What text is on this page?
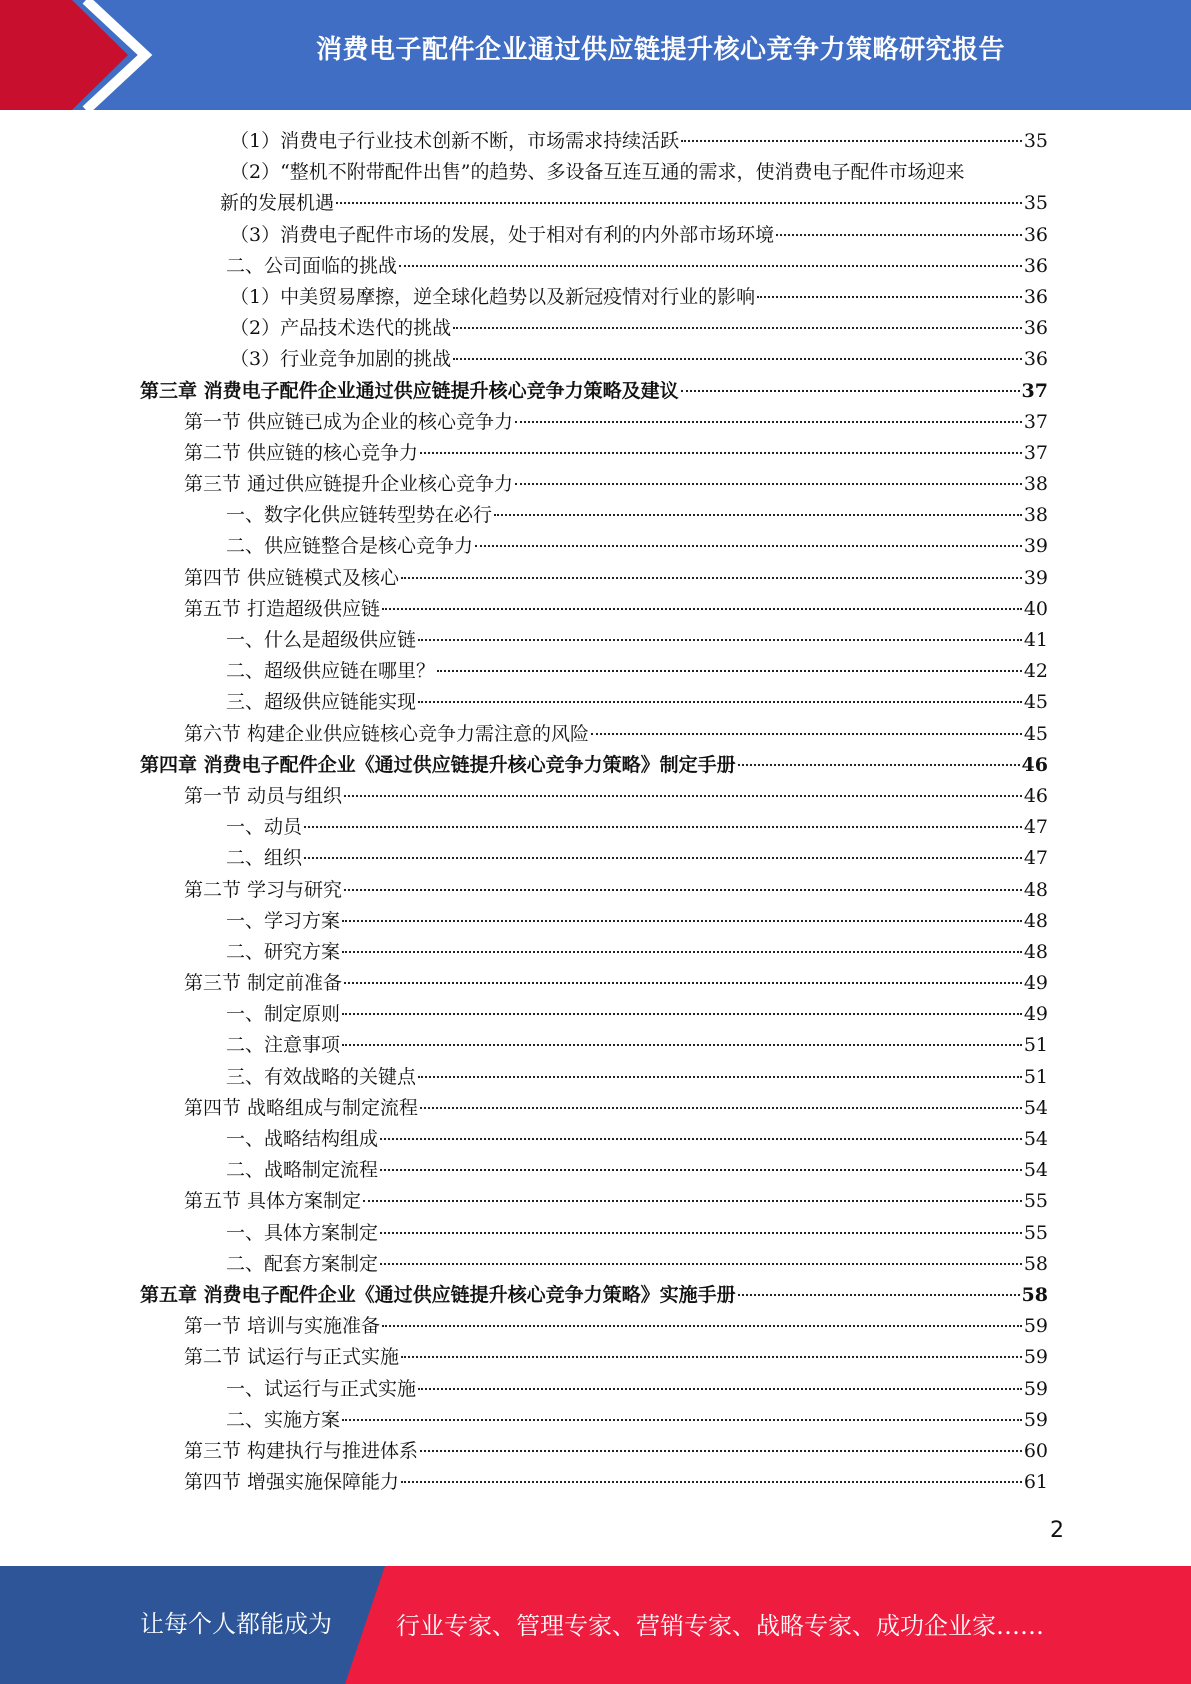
消费电子配件企业通过供应链提升核心竞争力策略研究报告
（1）消费电子行业技术创新不断，市场需求持续活跃	35
（2）“整机不附带配件出售”的趋势、多设备互连互通的需求，使消费电子配件市场迎来
新的发展机遇	35
（3）消费电子配件市场的发展，处于相对有利的内外部市场环境	36
二、公司面临的挑战	36
（1）中美贸易摩擦，逆全球化趋势以及新冠疫情对行业的影响	36
（2）产品技术迭代的挑战	36
（3）行业竞争加剧的挑战	36
第三章 消费电子配件企业通过供应链提升核心竞争力策略及建议	37
第一节 供应链已成为企业的核心竞争力	37
第二节 供应链的核心竞争力	37
第三节 通过供应链提升企业核心竞争力	38
一、数字化供应链转型势在必行	38
二、供应链整合是核心竞争力	39
第四节 供应链模式及核心	39
第五节 打造超级供应链	40
一、什么是超级供应链	41
二、超级供应链在哪里？	42
三、超级供应链能实现	45
第六节 构建企业供应链核心竞争力需注意的风险	45
第四章 消费电子配件企业《通过供应链提升核心竞争力策略》制定手册	46
第一节 动员与组织	46
一、动员	47
二、组织	47
第二节 学习与研究	48
一、学习方案	48
二、研究方案	48
第三节 制定前准备	49
一、制定原则	49
二、注意事项	51
三、有效战略的关键点	51
第四节 战略组成与制定流程	54
一、战略结构组成	54
二、战略制定流程	54
第五节 具体方案制定	55
一、具体方案制定	55
二、配套方案制定	58
第五章 消费电子配件企业《通过供应链提升核心竞争力策略》实施手册	58
第一节 培训与实施准备	59
第二节 试运行与正式实施	59
一、试运行与正式实施	59
二、实施方案	59
第三节 构建执行与推进体系	60
第四节 增强实施保障能力	61
2
让每个人都能成为	行业专家、管理专家、营销专家、战略专家、成功企业家……
